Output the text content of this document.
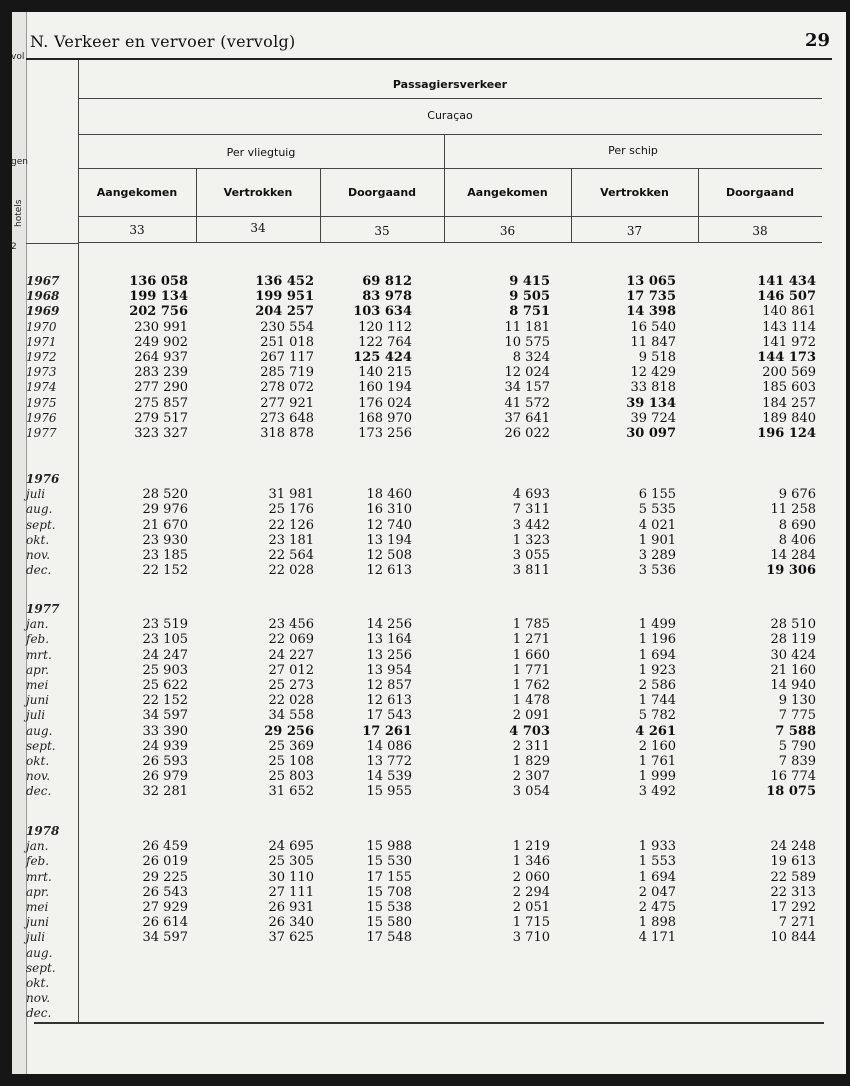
vol
gen
hotels
2
N. Verkeer en vervoer (vervolg)	29
Passagiersverkeer
Curaçao
Per vliegtuig	Per schip
Aangekomen	Vertrokken	Doorgaand	Aangekomen	Vertrokken	Doorgaand
33	34	35	36	37	38
1967	136 058	136 452	69 812	9 415	13 065	141 434
1968	199 134	199 951	83 978	9 505	17 735	146 507
1969	202 756	204 257	103 634	8 751	14 398	140 861
1970	230 991	230 554	120 112	11 181	16 540	143 114
1971	249 902	251 018	122 764	10 575	11 847	141 972
1972	264 937	267 117	125 424	8 324	9 518	144 173
1973	283 239	285 719	140 215	12 024	12 429	200 569
1974	277 290	278 072	160 194	34 157	33 818	185 603
1975	275 857	277 921	176 024	41 572	39 134	184 257
1976	279 517	273 648	168 970	37 641	39 724	189 840
1977	323 327	318 878	173 256	26 022	30 097	196 124
1976
juli	28 520	31 981	18 460	4 693	6 155	9 676
aug.	29 976	25 176	16 310	7 311	5 535	11 258
sept.	21 670	22 126	12 740	3 442	4 021	8 690
okt.	23 930	23 181	13 194	1 323	1 901	8 406
nov.	23 185	22 564	12 508	3 055	3 289	14 284
dec.	22 152	22 028	12 613	3 811	3 536	19 306
1977
jan.	23 519	23 456	14 256	1 785	1 499	28 510
feb.	23 105	22 069	13 164	1 271	1 196	28 119
mrt.	24 247	24 227	13 256	1 660	1 694	30 424
apr.	25 903	27 012	13 954	1 771	1 923	21 160
mei	25 622	25 273	12 857	1 762	2 586	14 940
juni	22 152	22 028	12 613	1 478	1 744	9 130
juli	34 597	34 558	17 543	2 091	5 782	7 775
aug.	33 390	29 256	17 261	4 703	4 261	7 588
sept.	24 939	25 369	14 086	2 311	2 160	5 790
okt.	26 593	25 108	13 772	1 829	1 761	7 839
nov.	26 979	25 803	14 539	2 307	1 999	16 774
dec.	32 281	31 652	15 955	3 054	3 492	18 075
1978
jan.	26 459	24 695	15 988	1 219	1 933	24 248
feb.	26 019	25 305	15 530	1 346	1 553	19 613
mrt.	29 225	30 110	17 155	2 060	1 694	22 589
apr.	26 543	27 111	15 708	2 294	2 047	22 313
mei	27 929	26 931	15 538	2 051	2 475	17 292
juni	26 614	26 340	15 580	1 715	1 898	7 271
juli	34 597	37 625	17 548	3 710	4 171	10 844
aug.
sept.
okt.
nov.
dec.
